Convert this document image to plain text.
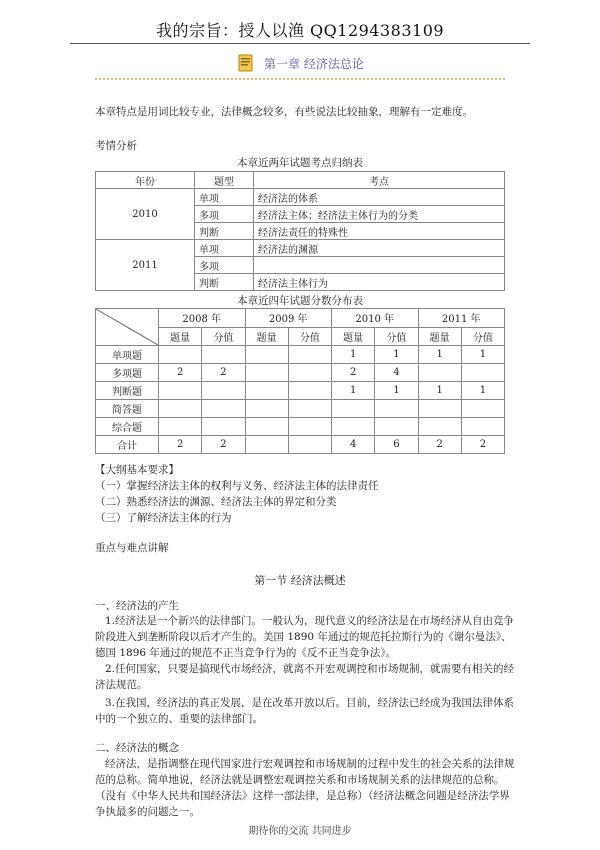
我的宗旨：授人以渔 QQ1294383109
第一章 经济法总论

本章特点是用词比较专业，法律概念较多，有些说法比较抽象，理解有一定难度。

考情分析

本章近两年试题考点归纳表
年份	题型	考点
2010	单项	经济法的体系
	多项	经济法主体；经济法主体行为的分类
	判断	经济法责任的特殊性
2011	单项	经济法的渊源
	多项	
	判断	经济法主体行为
本章近四年试题分数分布表
	2008 年		2009 年		2010 年		2011 年	
	题量	分值	题量	分值	题量	分值	题量	分值
单项题					1	1	1	1
多项题	2	2			2	4		
判断题					1	1	1	1
简答题								
综合题								
合计	2	2			4	6	2	2

【大纲基本要求】

（一）掌握经济法主体的权利与义务、经济法主体的法律责任

（二）熟悉经济法的渊源、经济法主体的界定和分类

（三）了解经济法主体的行为

重点与难点讲解

第一节 经济法概述

一、经济法的产生

1.经济法是一个新兴的法律部门。一般认为，现代意义的经济法是在市场经济从自由竞争阶段进入到垄断阶段以后才产生的。美国 1890 年通过的规范托拉斯行为的《谢尔曼法》、德国 1896 年通过的规范不正当竞争行为的《反不正当竞争法》。

2.任何国家，只要是搞现代市场经济，就离不开宏观调控和市场规制，就需要有相关的经济法规范。

3.在我国，经济法的真正发展，是在改革开放以后。目前，经济法已经成为我国法律体系中的一个独立的、重要的法律部门。

二、经济法的概念

经济法，是指调整在现代国家进行宏观调控和市场规制的过程中发生的社会关系的法律规范的总称。简单地说，经济法就是调整宏观调控关系和市场规制关系的法律规范的总称。（没有《中华人民共和国经济法》这样一部法律，是总称）（经济法概念问题是经济法学界争执最多的问题之一。

期待你的交流 共同进步
